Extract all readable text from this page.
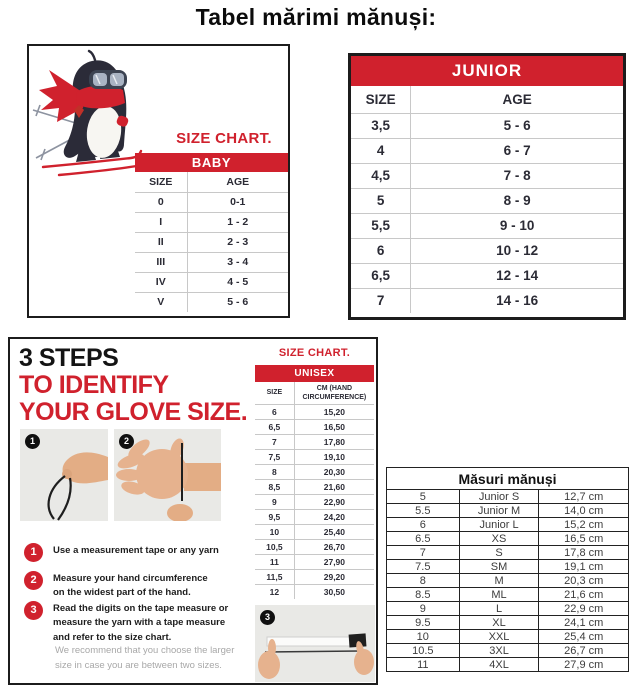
Tabel mărimi mănuși:
SIZE CHART.
BABY
SIZE	AGE
0	0-1
I	1 - 2
II	2 - 3
III	3 - 4
IV	4 - 5
V	5 - 6
JUNIOR
SIZE	AGE
3,5	5 - 6
4	6 - 7
4,5	7 - 8
5	8 - 9
5,5	9 - 10
6	10 - 12
6,5	12 - 14
7	14 - 16
3 STEPS
TO IDENTIFY
YOUR GLOVE SIZE.
1	2
1	Use a measurement tape or any yarn
2	Measure your hand circumference
on the widest part of the hand.
3	Read the digits on the tape measure or
measure the yarn with a tape measure
and refer to the size chart.
We recommend that you choose the larger
size in case you are between two sizes.
SIZE CHART.
UNISEX
SIZE	CM (HAND CIRCUMFERENCE)
6	15,20
6,5	16,50
7	17,80
7,5	19,10
8	20,30
8,5	21,60
9	22,90
9,5	24,20
10	25,40
10,5	26,70
11	27,90
11,5	29,20
12	30,50
3
Măsuri mănuși		
5	Junior S	12,7 cm
5.5	Junior M	14,0 cm
6	Junior L	15,2 cm
6.5	XS	16,5 cm
7	S	17,8 cm
7.5	SM	19,1 cm
8	M	20,3 cm
8.5	ML	21,6 cm
9	L	22,9 cm
9.5	XL	24,1 cm
10	XXL	25,4 cm
10.5	3XL	26,7 cm
11	4XL	27,9 cm
